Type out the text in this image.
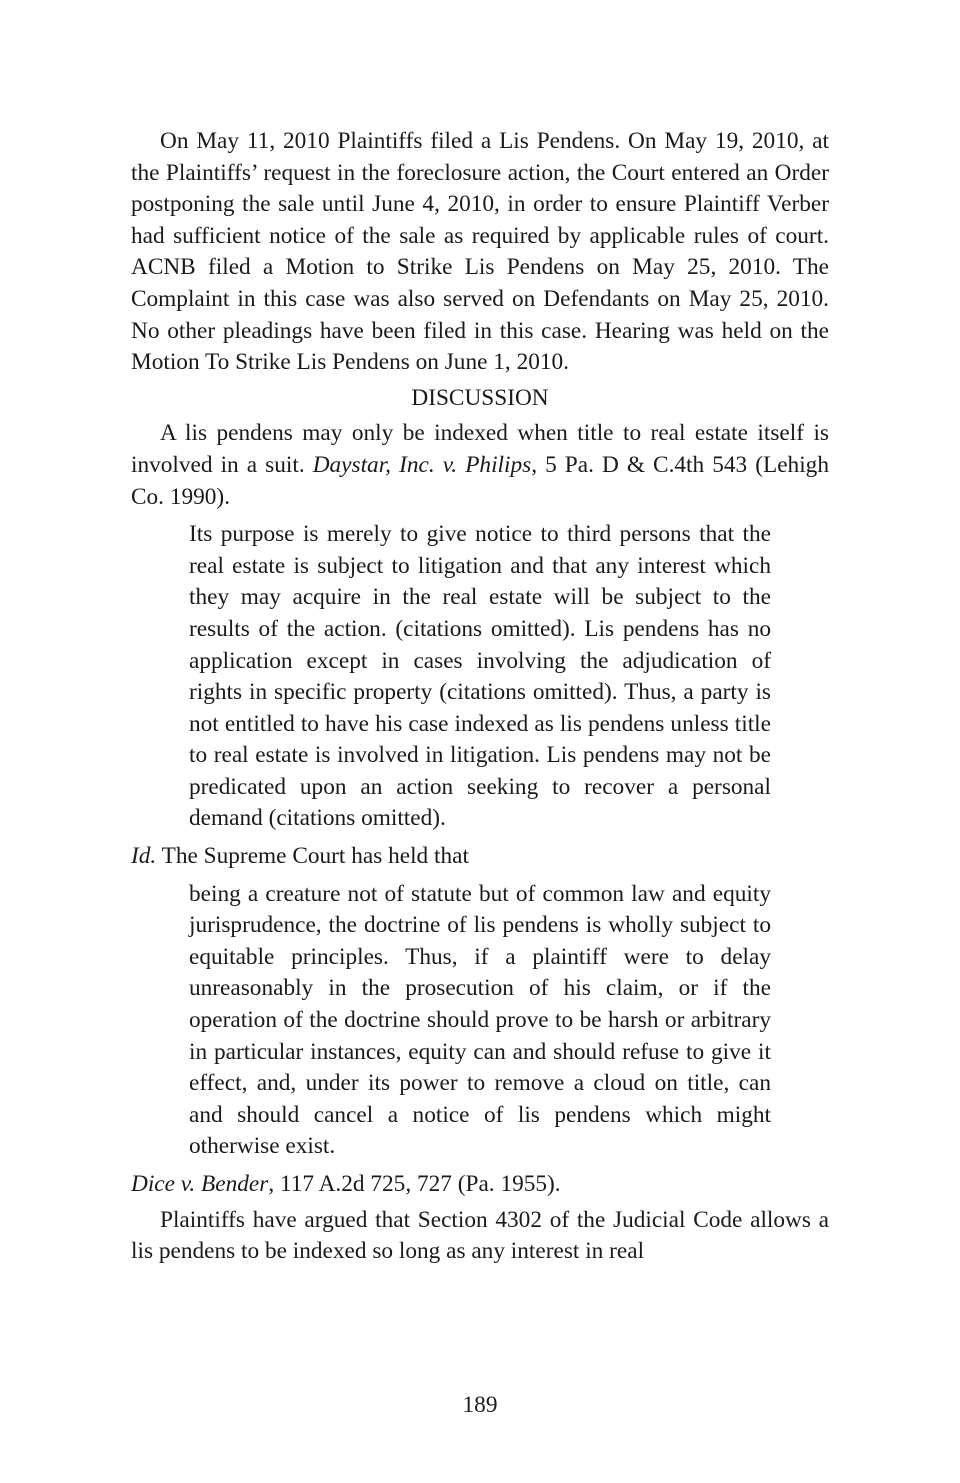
On May 11, 2010 Plaintiffs filed a Lis Pendens. On May 19, 2010, at the Plaintiffs’ request in the foreclosure action, the Court entered an Order postponing the sale until June 4, 2010, in order to ensure Plaintiff Verber had sufficient notice of the sale as required by applicable rules of court. ACNB filed a Motion to Strike Lis Pendens on May 25, 2010. The Complaint in this case was also served on Defendants on May 25, 2010. No other pleadings have been filed in this case. Hearing was held on the Motion To Strike Lis Pendens on June 1, 2010.

DISCUSSION

A lis pendens may only be indexed when title to real estate itself is involved in a suit. Daystar, Inc. v. Philips, 5 Pa. D & C.4th 543 (Lehigh Co. 1990).

Its purpose is merely to give notice to third persons that the real estate is subject to litigation and that any interest which they may acquire in the real estate will be subject to the results of the action. (citations omitted). Lis pendens has no application except in cases involving the adjudication of rights in specific property (citations omitted). Thus, a party is not entitled to have his case indexed as lis pendens unless title to real estate is involved in litigation. Lis pendens may not be predicated upon an action seeking to recover a personal demand (citations omitted).

Id. The Supreme Court has held that

being a creature not of statute but of common law and equity jurisprudence, the doctrine of lis pendens is wholly subject to equitable principles. Thus, if a plaintiff were to delay unreasonably in the prosecution of his claim, or if the operation of the doctrine should prove to be harsh or arbitrary in particular instances, equity can and should refuse to give it effect, and, under its power to remove a cloud on title, can and should cancel a notice of lis pendens which might otherwise exist.

Dice v. Bender, 117 A.2d 725, 727 (Pa. 1955).

Plaintiffs have argued that Section 4302 of the Judicial Code allows a lis pendens to be indexed so long as any interest in real

189
